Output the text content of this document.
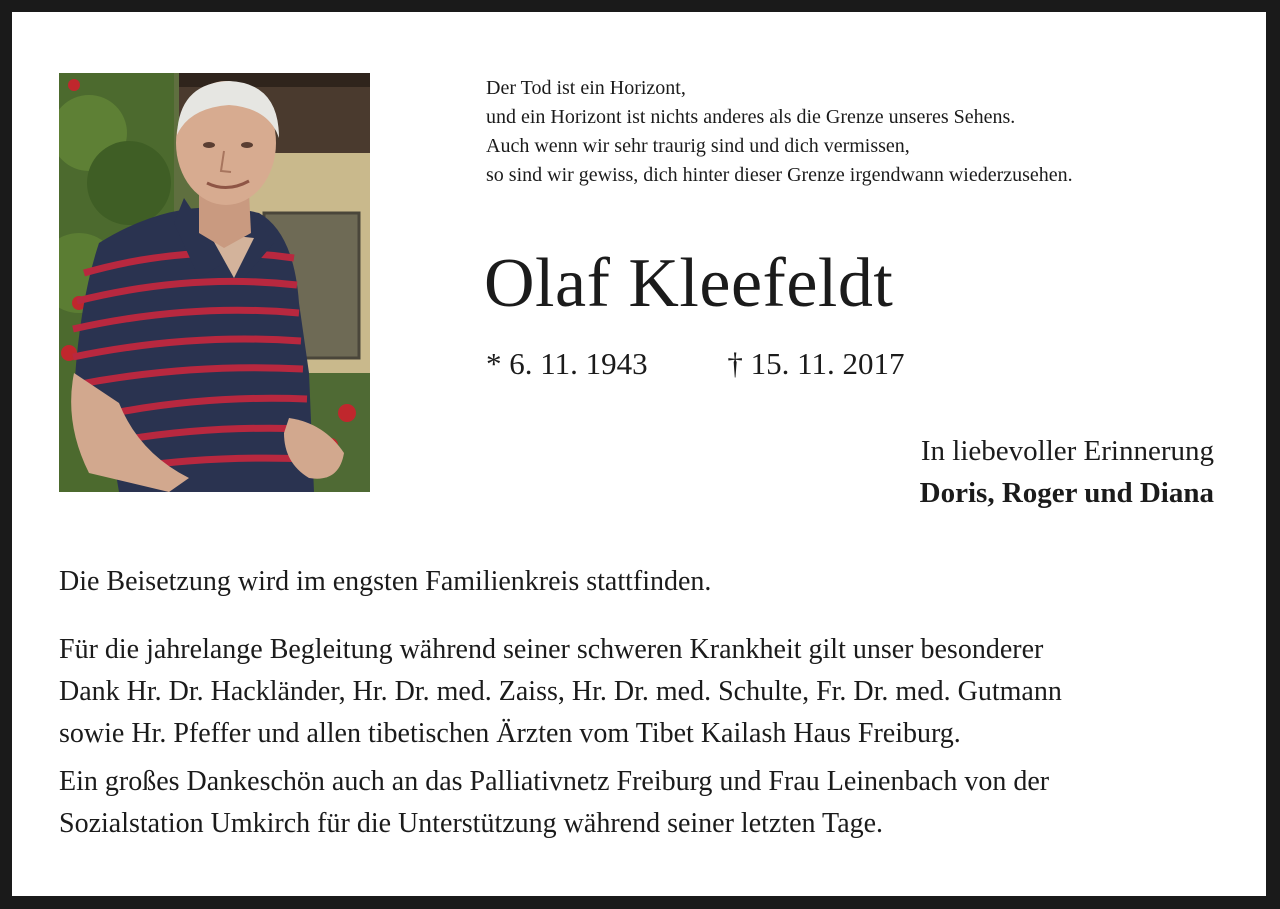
Der Tod ist ein Horizont,
und ein Horizont ist nichts anderes als die Grenze unseres Sehens.
Auch wenn wir sehr traurig sind und dich vermissen,
so sind wir gewiss, dich hinter dieser Grenze irgendwann wiederzusehen.
Olaf Kleefeldt
* 6. 11. 1943	† 15. 11. 2017
In liebevoller Erinnerung
Doris, Roger und Diana
Die Beisetzung wird im engsten Familienkreis stattfinden.
Für die jahrelange Begleitung während seiner schweren Krankheit gilt unser besonderer
Dank Hr. Dr. Hackländer, Hr. Dr. med. Zaiss, Hr. Dr. med. Schulte, Fr. Dr. med. Gutmann
sowie Hr. Pfeffer und allen tibetischen Ärzten vom Tibet Kailash Haus Freiburg.
Ein großes Dankeschön auch an das Palliativnetz Freiburg und Frau Leinenbach von der
Sozialstation Umkirch für die Unterstützung während seiner letzten Tage.
